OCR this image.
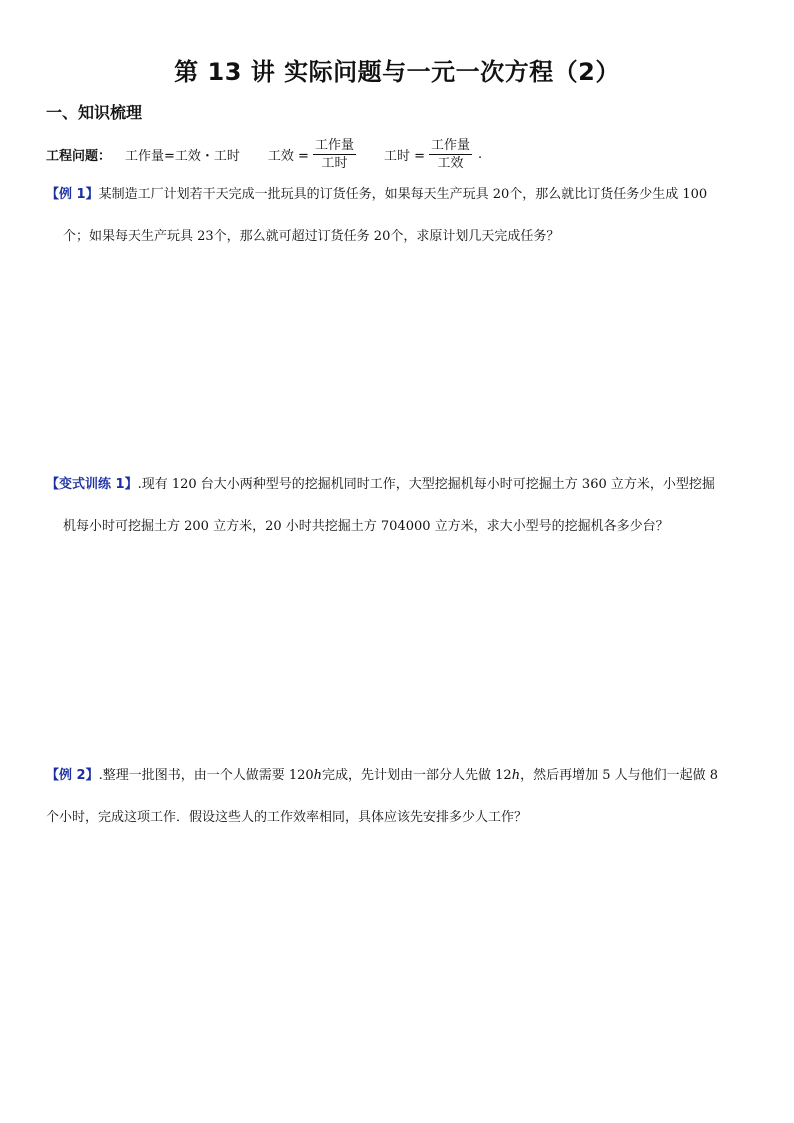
第 13 讲 实际问题与一元一次方程（2）
一、知识梳理
工程问题： 工作量=工效・工时 工效 = $\frac{\text{工作量}}{\text{工时}}$ 工时 = $\frac{\text{工作量}}{\text{工效}}$ .

【例 1】某制造工厂计划若干天完成一批玩具的订货任务，如果每天生产玩具 20个，那么就比订货任务少生成 100

个；如果每天生产玩具 23个，那么就可超过订货任务 20个，求原计划几天完成任务？

【变式训练 1】.现有 120 台大小两种型号的挖掘机同时工作，大型挖掘机每小时可挖掘土方 360 立方米，小型挖掘

机每小时可挖掘土方 200 立方米，20 小时共挖掘土方 704000 立方米，求大小型号的挖掘机各多少台？

【例 2】.整理一批图书，由一个人做需要 120h完成，先计划由一部分人先做 12h，然后再增加 5 人与他们一起做 8

个小时，完成这项工作．假设这些人的工作效率相同，具体应该先安排多少人工作？
